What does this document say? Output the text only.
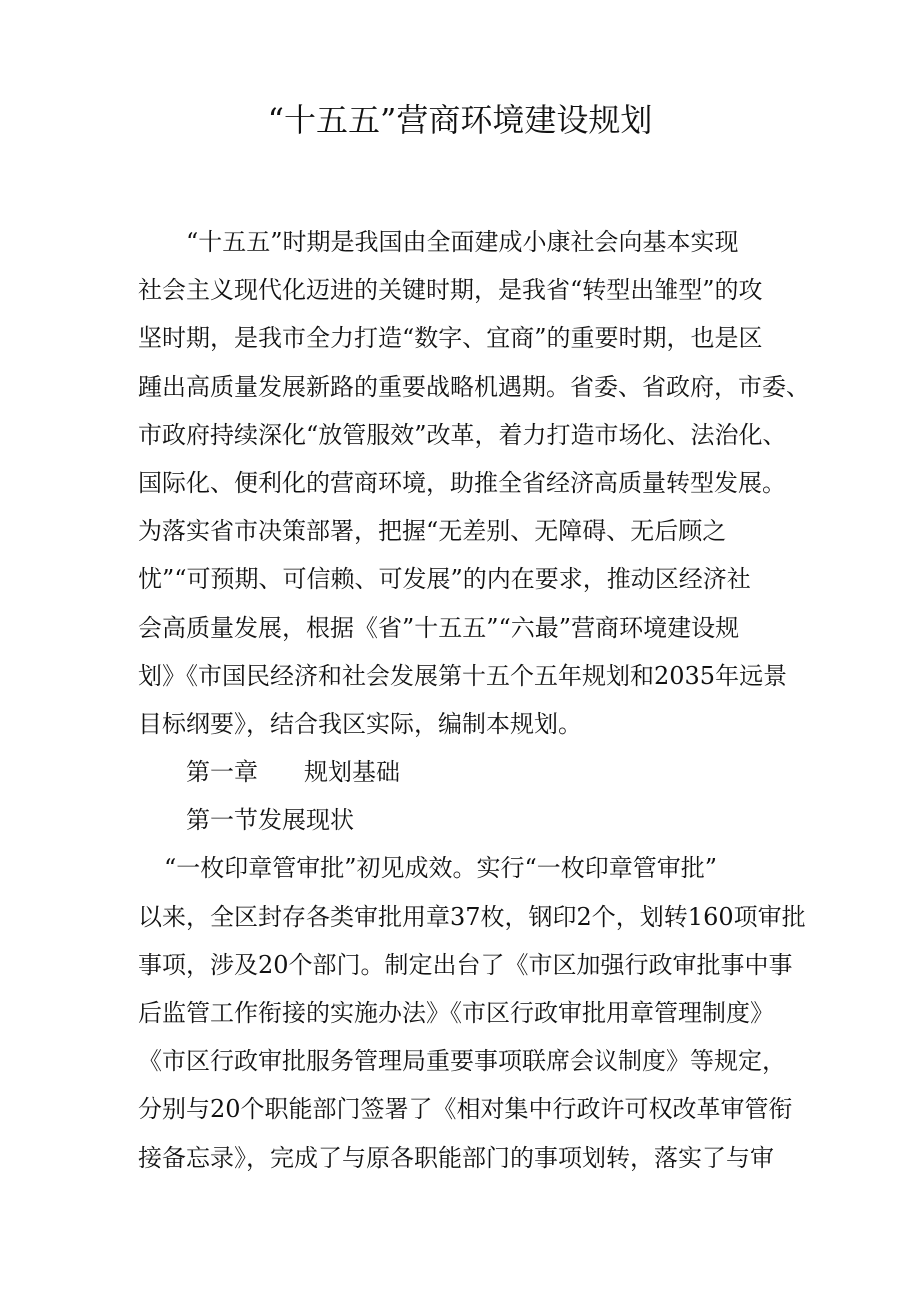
“十五五”营商环境建设规划
“十五五”时期是我国由全面建成小康社会向基本实现
社会主义现代化迈进的关键时期，是我省“转型出雏型”的攻
坚时期，是我市全力打造“数字、宜商”的重要时期，也是区
踵出高质量发展新路的重要战略机遇期。省委、省政府，市委、
市政府持续深化“放管服效”改革，着力打造市场化、法治化、
国际化、便利化的营商环境，助推全省经济高质量转型发展。
为落实省市决策部署，把握“无差别、无障碍、无后顾之
忧”“可预期、可信赖、可发展”的内在要求，推动区经济社
会高质量发展，根据《省”十五五”“六最”营商环境建设规
划》《市国民经济和社会发展第十五个五年规划和2035年远景
目标纲要》，结合我区实际，编制本规划。
第一章 规划基础
第一节发展现状
“一枚印章管审批”初见成效。实行“一枚印章管审批”
以来，全区封存各类审批用章37枚，钢印2个，划转160项审批
事项，涉及20个部门。制定出台了《市区加强行政审批事中事
后监管工作衔接的实施办法》《市区行政审批用章管理制度》
《市区行政审批服务管理局重要事项联席会议制度》等规定，
分别与20个职能部门签署了《相对集中行政许可权改革审管衔
接备忘录》，完成了与原各职能部门的事项划转，落实了与审
